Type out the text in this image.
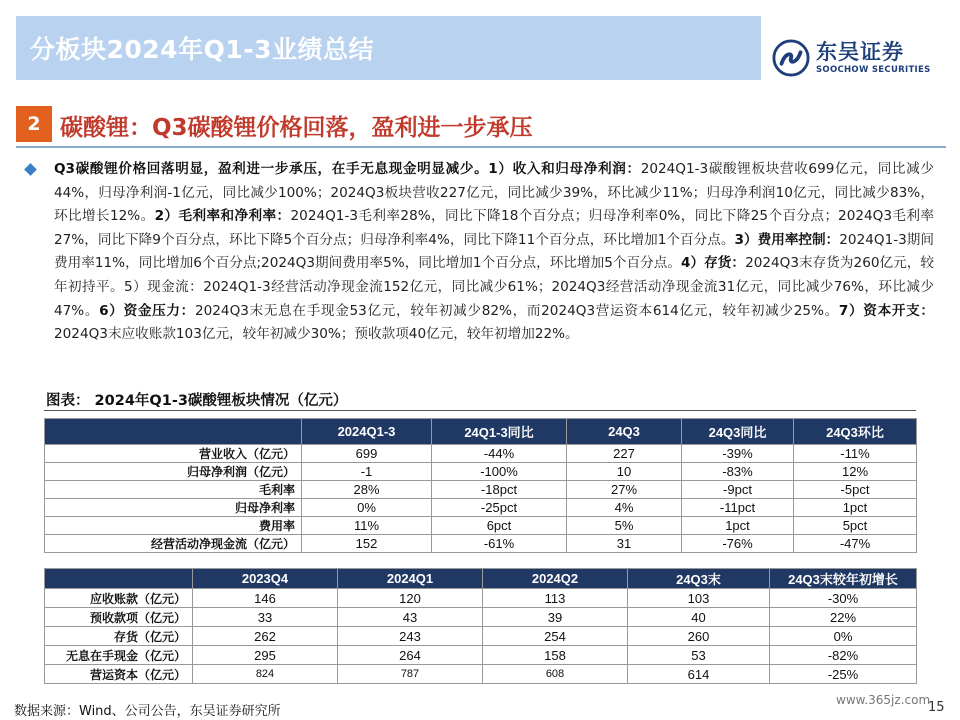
分板块2024年Q1-3业绩总结	东吴证券
SOOCHOW SECURITIES
2 碳酸锂：Q3碳酸锂价格回落，盈利进一步承压

Q3碳酸锂价格回落明显，盈利进一步承压，在手无息现金明显减少。1）收入和归母净利润：2024Q1-3碳酸锂板块营收699亿元，同比减少44%，归母净利润-1亿元，同比减少100%；2024Q3板块营收227亿元，同比减少39%，环比减少11%；归母净利润10亿元，同比减少83%，环比增长12%。2）毛利率和净利率：2024Q1-3毛利率28%，同比下降18个百分点；归母净利率0%，同比下降25个百分点；2024Q3毛利率27%，同比下降9个百分点，环比下降5个百分点；归母净利率4%，同比下降11个百分点，环比增加1个百分点。3）费用率控制：2024Q1-3期间费用率11%，同比增加6个百分点;2024Q3期间费用率5%，同比增加1个百分点，环比增加5个百分点。4）存货：2024Q3末存货为260亿元，较年初持平。5）现金流：2024Q1-3经营活动净现金流152亿元，同比减少61%；2024Q3经营活动净现金流31亿元，同比减少76%，环比减少47%。6）资金压力：2024Q3末无息在手现金53亿元，较年初减少82%，而2024Q3营运资本614亿元，较年初减少25%。7）资本开支：2024Q3末应收账款103亿元，较年初减少30%；预收款项40亿元，较年初增加22%。

图表： 2024年Q1-3碳酸锂板块情况（亿元）
	2024Q1-3	24Q1-3同比	24Q3	24Q3同比	24Q3环比
营业收入（亿元）	699	-44%	227	-39%	-11%
归母净利润（亿元）	-1	-100%	10	-83%	12%
毛利率	28%	-18pct	27%	-9pct	-5pct
归母净利率	0%	-25pct	4%	-11pct	1pct
费用率	11%	6pct	5%	1pct	5pct
经营活动净现金流（亿元）	152	-61%	31	-76%	-47%
	2023Q4	2024Q1	2024Q2	24Q3末	24Q3末较年初增长
应收账款（亿元）	146	120	113	103	-30%
预收款项（亿元）	33	43	39	40	22%
存货（亿元）	262	243	254	260	0%
无息在手现金（亿元）	295	264	158	53	-82%
营运资本（亿元）	824	787	608	614	-25%
数据来源：Wind、公司公告，东吴证券研究所
www.365jz.com
15
